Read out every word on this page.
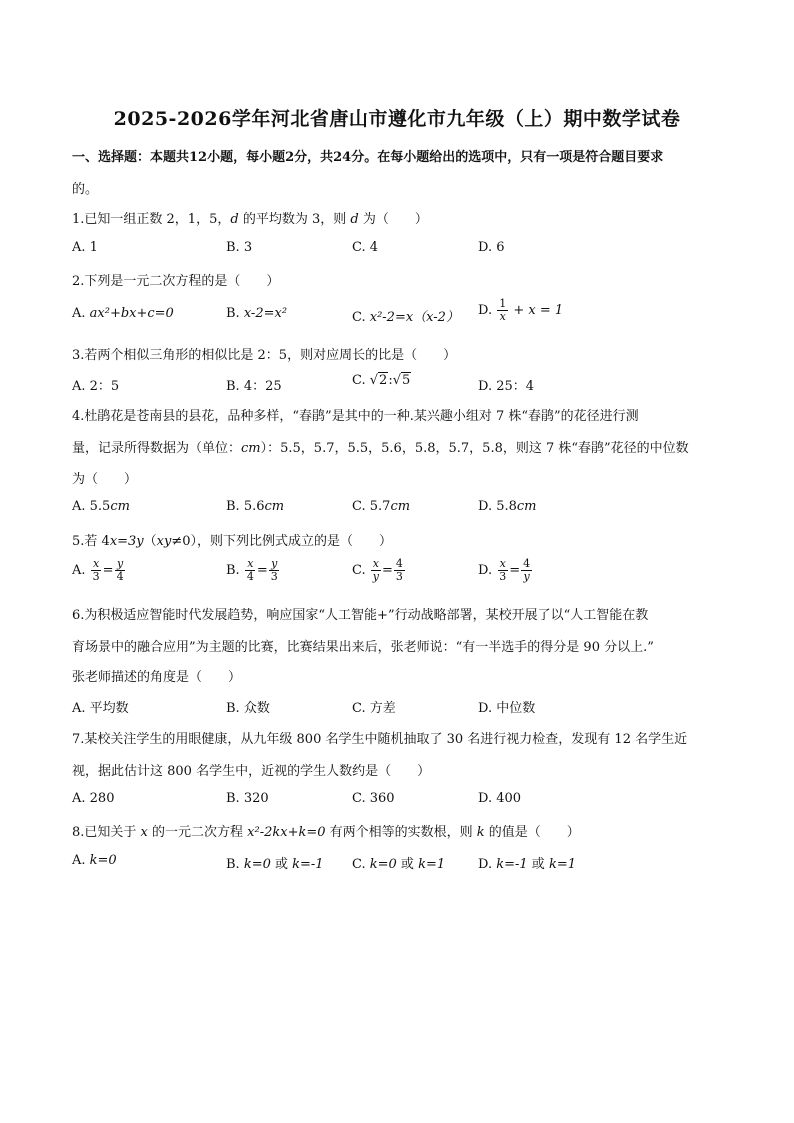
2025-2026学年河北省唐山市遵化市九年级（上）期中数学试卷
一、选择题：本题共12小题，每小题2分，共24分。在每小题给出的选项中，只有一项是符合题目要求
的。
1.已知一组正数 2，1，5，d 的平均数为 3，则 d 为（　　）
A. 1	B. 3	C. 4	D. 6
2.下列是一元二次方程的是（　　）
A. ax²+bx+c=0	B. x-2=x²	C. x²-2=x（x-2） D. $\frac{1}{x} + x = 1$
3.若两个相似三角形的相似比是 2：5，则对应周长的比是（　　）
A. 2：5	B. 4：25	C. √2:√5	D. 25：4
4.杜鹃花是苍南县的县花，品种多样，“春鹃”是其中的一种.某兴趣小组对 7 株“春鹃”的花径进行测
量，记录所得数据为（单位：cm）：5.5，5.7，5.5，5.6，5.8，5.7，5.8，则这 7 株“春鹃”花径的中位数
为（　　）
A. 5.5cm	B. 5.6cm	C. 5.7cm	D. 5.8cm
5.若 4x=3y（xy≠0），则下列比例式成立的是（　　）
A. $\frac{x}{3} = \frac{y}{4}$	B. $\frac{x}{4} = \frac{y}{3}$	C. $\frac{x}{y} = \frac{4}{3}$	D. $\frac{x}{3} = \frac{4}{y}$
6.为积极适应智能时代发展趋势，响应国家“人工智能+”行动战略部署，某校开展了以“人工智能在教
育场景中的融合应用”为主题的比赛，比赛结果出来后，张老师说：“有一半选手的得分是 90 分以上.”
张老师描述的角度是（　　）
A. 平均数	B. 众数	C. 方差	D. 中位数
7.某校关注学生的用眼健康，从九年级 800 名学生中随机抽取了 30 名进行视力检查，发现有 12 名学生近
视，据此估计这 800 名学生中，近视的学生人数约是（　　）
A. 280	B. 320	C. 360	D. 400
8.已知关于 x 的一元二次方程 x²-2kx+k=0 有两个相等的实数根，则 k 的值是（　　）
A. k=0	B. k=0 或 k=-1 C. k=0 或 k=1	D. k=-1 或 k=1
